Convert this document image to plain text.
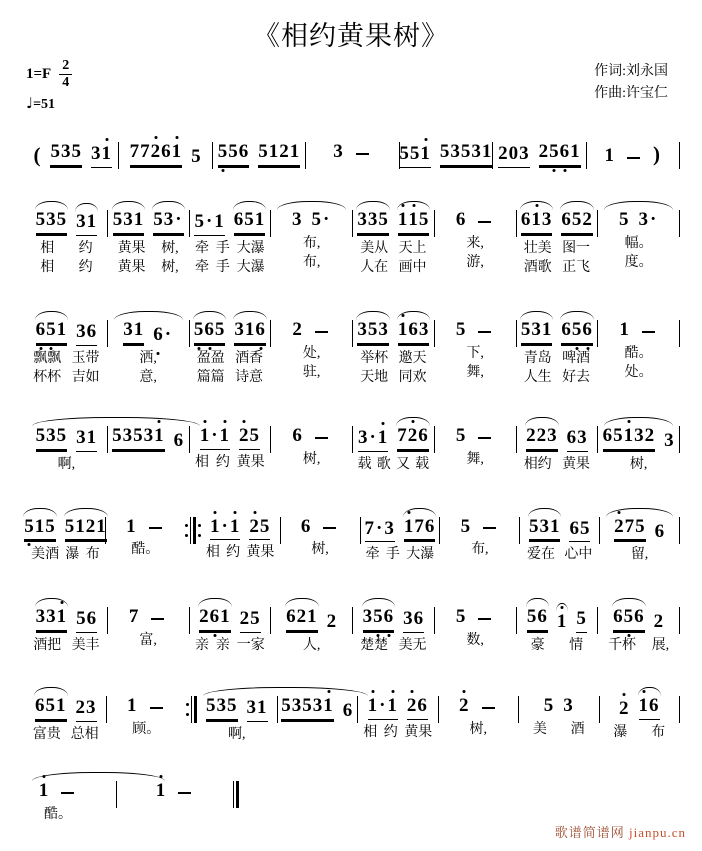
《相约黄果树》
$1=F \frac{2}{4}$
♩=51
作词:刘永国
作曲:许宝仁
( 5 3 5 3 1 7 7 2 6 1 5 5 5 6 5 1 2 1 3	5 5 1 5 3 5 3 1 2 0 3 2 5 6 1 1 )
5 3 5 3 1
相 约
相 约
5 3 1 5 3 ·
黄果 树,
黄果 树,
5 · 1 6 5 1
牵 手 大瀑
牵 手 大瀑
3 5 ·
布,
布,
3 3 5 1 1 5
美从 天上
人在 画中
6
来,
游,
6 1 3 6 5 2
壮美 图一
酒歌 正飞
5 3 ·
幅。
度。
6 5 1 3 6
飘飘 玉带
杯杯 吉如
3 1 6 ·
洒,
意,
5 6 5 3 1 6
盈盈 酒香
篇篇 诗意
2
处,
驻,
3 5 3 1 6 3
举杯 邀天
天地 同欢
5
下,
舞,
5 3 1 6 5 6
青岛 啤酒
人生 好去
1
酷。
处。
5 3 5 3 1
啊,
5 3 5 3 1 6 1 · 1 2 5
相 约 黄果
6
树,
3 · 1 7 2 6
载 歌 又 载
5
舞,
2 2 3 6 3
相约 黄果
6 5 1 3 2 3
树,
5 1 5 5 1 2 1
美酒 瀑 布
1
酷。
1 · 1 2 5
相 约 黄果
6
树,
7 · 3 1 7 6
牵 手 大瀑
5
布,
5 3 1 6 5
爱在 心中
2 7 5 6
留,
3 3 1 5 6
酒把 美丰
7
富,
2 6 1 2 5
亲 亲 一家
6 2 1 2
人,
3 5 6 3 6
楚楚 美无
5
数,
5 6 1 5
豪 情
6 5 6 2
千杯 展,
6 5 1 2 3
富贵 总相
1
顾。
5 3 5 3 1
啊,
5 3 5 3 1 6 1 · 1 2 6
相 约 黄果
2
树,
5 3
美 酒
2 1 6
瀑 布
1
酷。
1
歌谱简谱网 jianpu.cn
